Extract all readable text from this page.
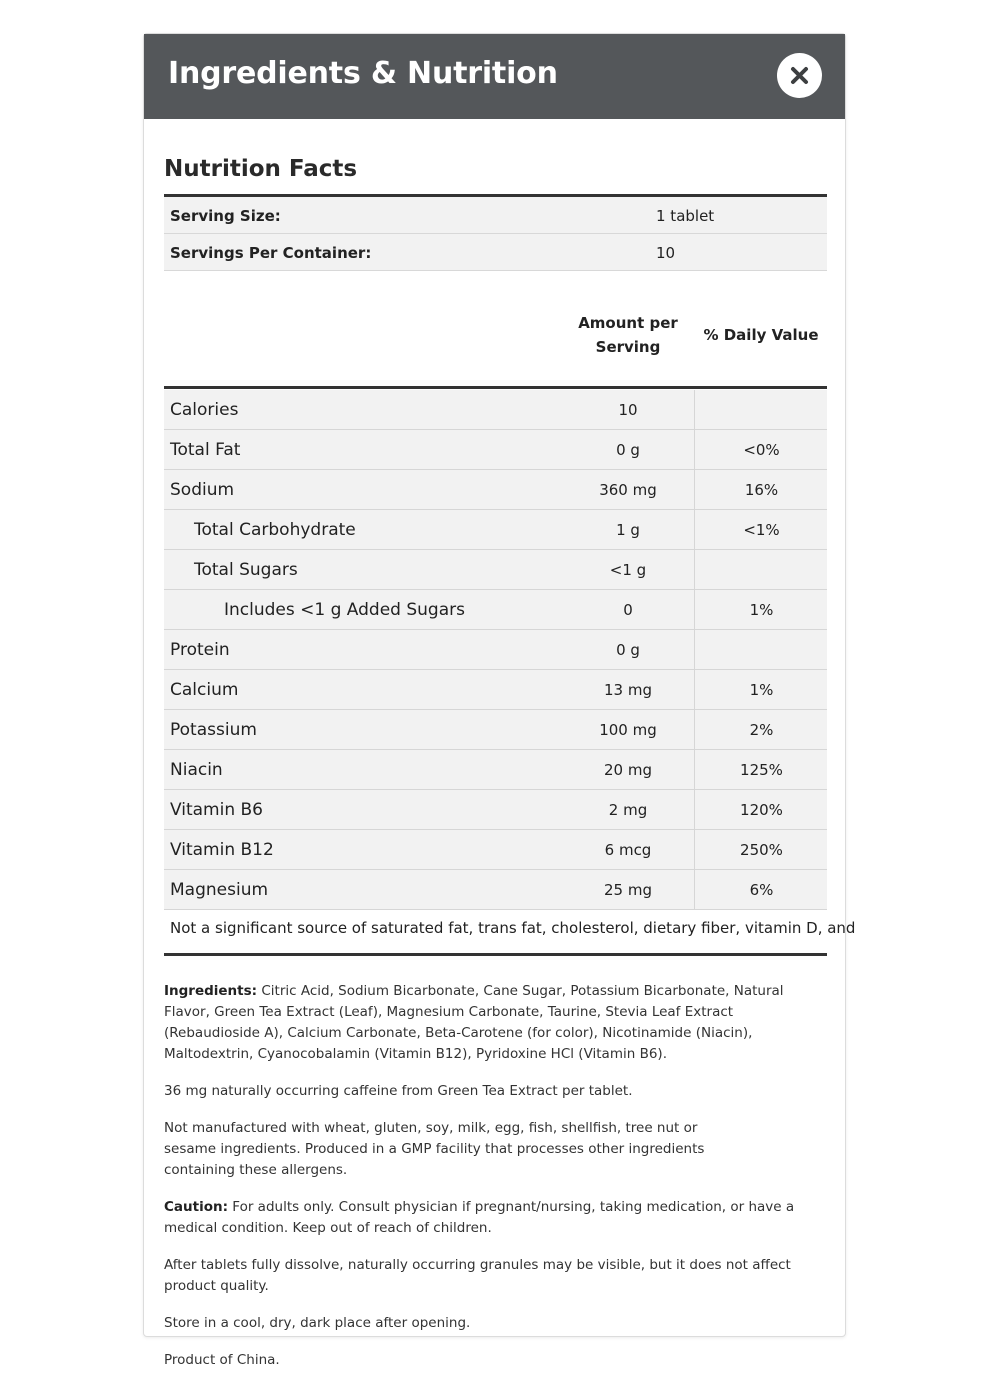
Ingredients & Nutrition
Nutrition Facts
Serving Size:	1 tablet
Servings Per Container:	10
Amount per
Serving
% Daily Value
Calories	10
Total Fat	0 g	<0%
Sodium	360 mg	16%
Total Carbohydrate	1 g	<1%
Total Sugars	<1 g
Includes <1 g Added Sugars	0	1%
Protein	0 g
Calcium	13 mg	1%
Potassium	100 mg	2%
Niacin	20 mg	125%
Vitamin B6	2 mg	120%
Vitamin B12	6 mcg	250%
Magnesium	25 mg	6%
Not a significant source of saturated fat, trans fat, cholesterol, dietary fiber, vitamin D, and

Ingredients: Citric Acid, Sodium Bicarbonate, Cane Sugar, Potassium Bicarbonate, Natural Flavor, Green Tea Extract (Leaf), Magnesium Carbonate, Taurine, Stevia Leaf Extract (Rebaudioside A), Calcium Carbonate, Beta-Carotene (for color), Nicotinamide (Niacin), Maltodextrin, Cyanocobalamin (Vitamin B12), Pyridoxine HCl (Vitamin B6).

36 mg naturally occurring caffeine from Green Tea Extract per tablet.

Not manufactured with wheat, gluten, soy, milk, egg, fish, shellfish, tree nut or sesame ingredients. Produced in a GMP facility that processes other ingredients containing these allergens.

Caution: For adults only. Consult physician if pregnant/nursing, taking medication, or have a medical condition. Keep out of reach of children.

After tablets fully dissolve, naturally occurring granules may be visible, but it does not affect product quality.

Store in a cool, dry, dark place after opening.

Product of China.
